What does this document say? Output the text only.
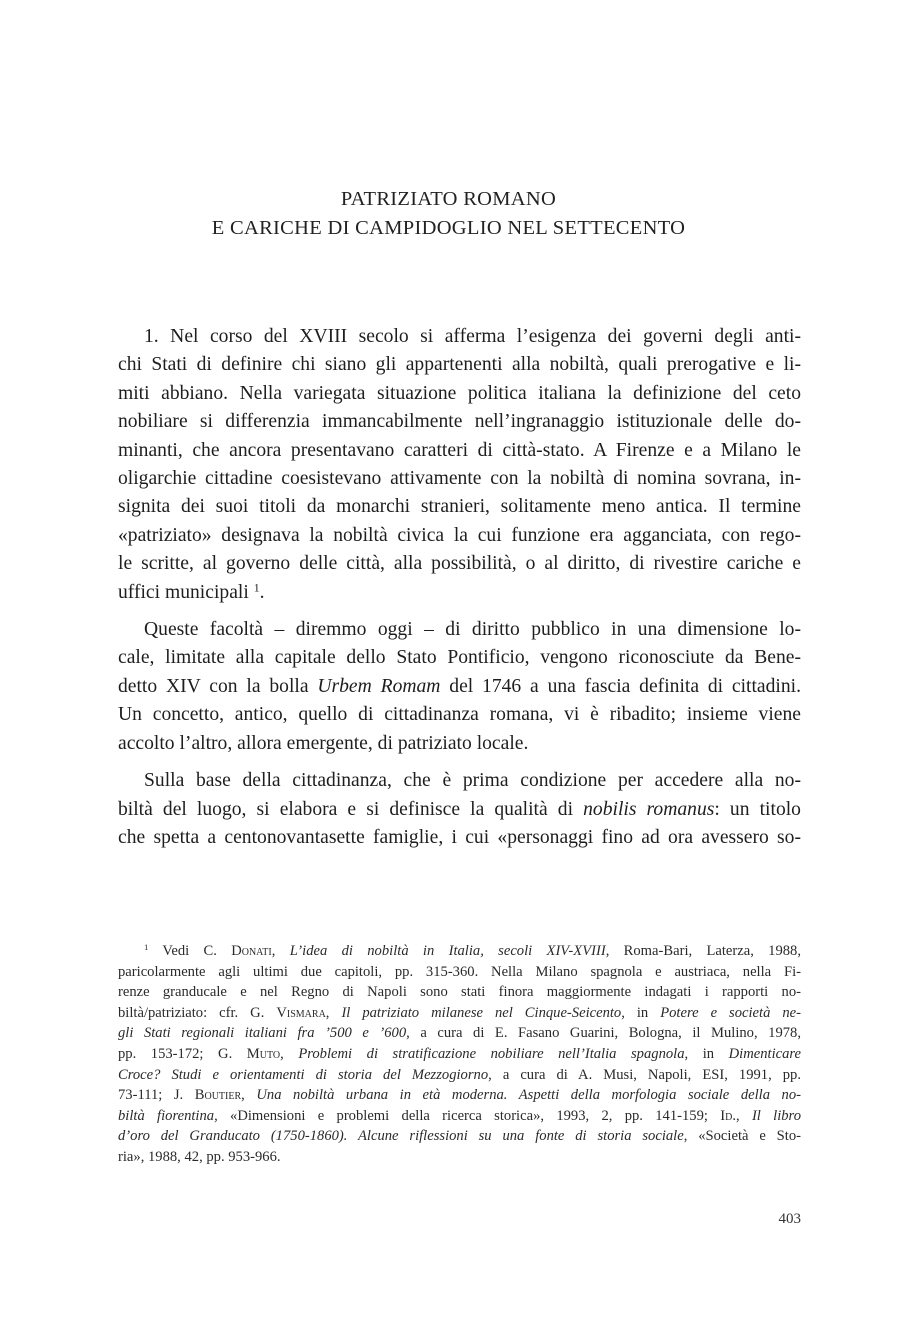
PATRIZIATO ROMANO
E CARICHE DI CAMPIDOGLIO NEL SETTECENTO
1. Nel corso del XVIII secolo si afferma l’esigenza dei governi degli anti-
chi Stati di definire chi siano gli appartenenti alla nobiltà, quali prerogative e li-
miti abbiano. Nella variegata situazione politica italiana la definizione del ceto
nobiliare si differenzia immancabilmente nell’ingranaggio istituzionale delle do-
minanti, che ancora presentavano caratteri di città-stato. A Firenze e a Milano le
oligarchie cittadine coesistevano attivamente con la nobiltà di nomina sovrana, in-
signita dei suoi titoli da monarchi stranieri, solitamente meno antica. Il termine
«patriziato» designava la nobiltà civica la cui funzione era agganciata, con rego-
le scritte, al governo delle città, alla possibilità, o al diritto, di rivestire cariche e
uffici municipali $^1$.
Queste facoltà – diremmo oggi – di diritto pubblico in una dimensione lo-
cale, limitate alla capitale dello Stato Pontificio, vengono riconosciute da Bene-
detto XIV con la bolla Urbem Romam del 1746 a una fascia definita di cittadini.
Un concetto, antico, quello di cittadinanza romana, vi è ribadito; insieme viene
accolto l’altro, allora emergente, di patriziato locale.
Sulla base della cittadinanza, che è prima condizione per accedere alla no-
biltà del luogo, si elabora e si definisce la qualità di nobilis romanus: un titolo
che spetta a centonovantasette famiglie, i cui «personaggi fino ad ora avessero so-
$^1$ Vedi C. Donati, L’idea di nobiltà in Italia, secoli XIV-XVIII, Roma-Bari, Laterza, 1988,
paricolarmente agli ultimi due capitoli, pp. 315-360. Nella Milano spagnola e austriaca, nella Fi-
renze granducale e nel Regno di Napoli sono stati finora maggiormente indagati i rapporti no-
biltà/patriziato: cfr. G. Vismara, Il patriziato milanese nel Cinque-Seicento, in Potere e società ne-
gli Stati regionali italiani fra ’500 e ’600, a cura di E. Fasano Guarini, Bologna, il Mulino, 1978,
pp. 153-172; G. Muto, Problemi di stratificazione nobiliare nell’Italia spagnola, in Dimenticare
Croce? Studi e orientamenti di storia del Mezzogiorno, a cura di A. Musi, Napoli, ESI, 1991, pp.
73-111; J. Boutier, Una nobiltà urbana in età moderna. Aspetti della morfologia sociale della no-
biltà fiorentina, «Dimensioni e problemi della ricerca storica», 1993, 2, pp. 141-159; Id., Il libro
d’oro del Granducato (1750-1860). Alcune riflessioni su una fonte di storia sociale, «Società e Sto-
ria», 1988, 42, pp. 953-966.
403
